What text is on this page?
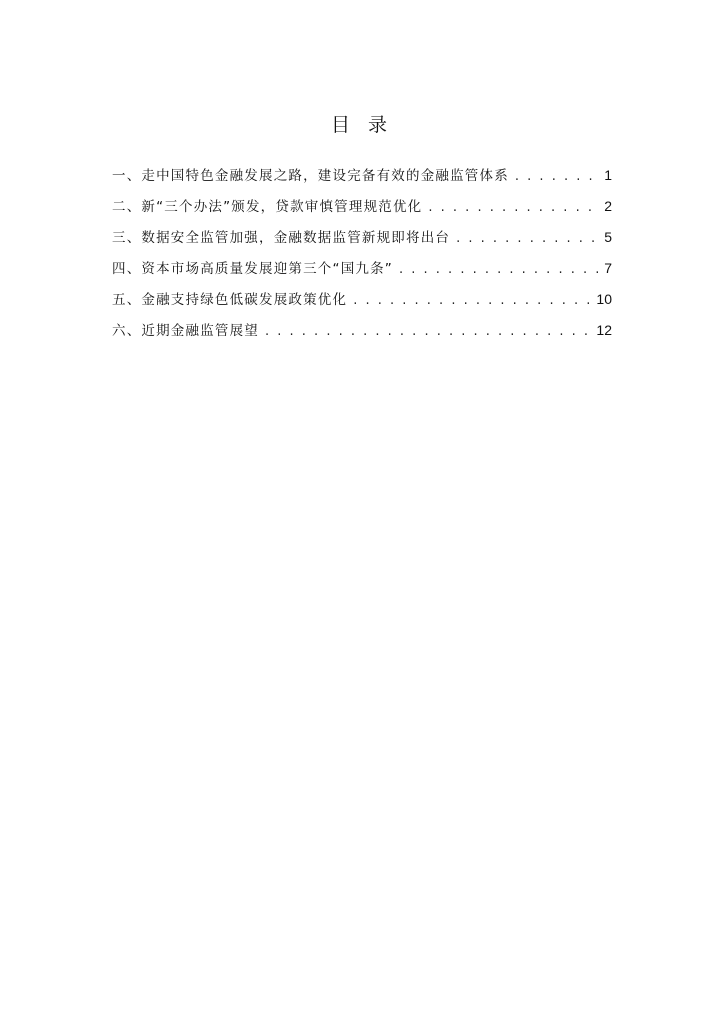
目 录
一、走中国特色金融发展之路，建设完备有效的金融监管体系 . . .	1
二、新“三个办法”颁发，贷款审慎管理规范优化 . . .	2
三、数据安全监管加强，金融数据监管新规即将出台 . . .	5
四、资本市场高质量发展迎第三个“国九条” . . .	7
五、金融支持绿色低碳发展政策优化 . . .	10
六、近期金融监管展望 . . .	12
